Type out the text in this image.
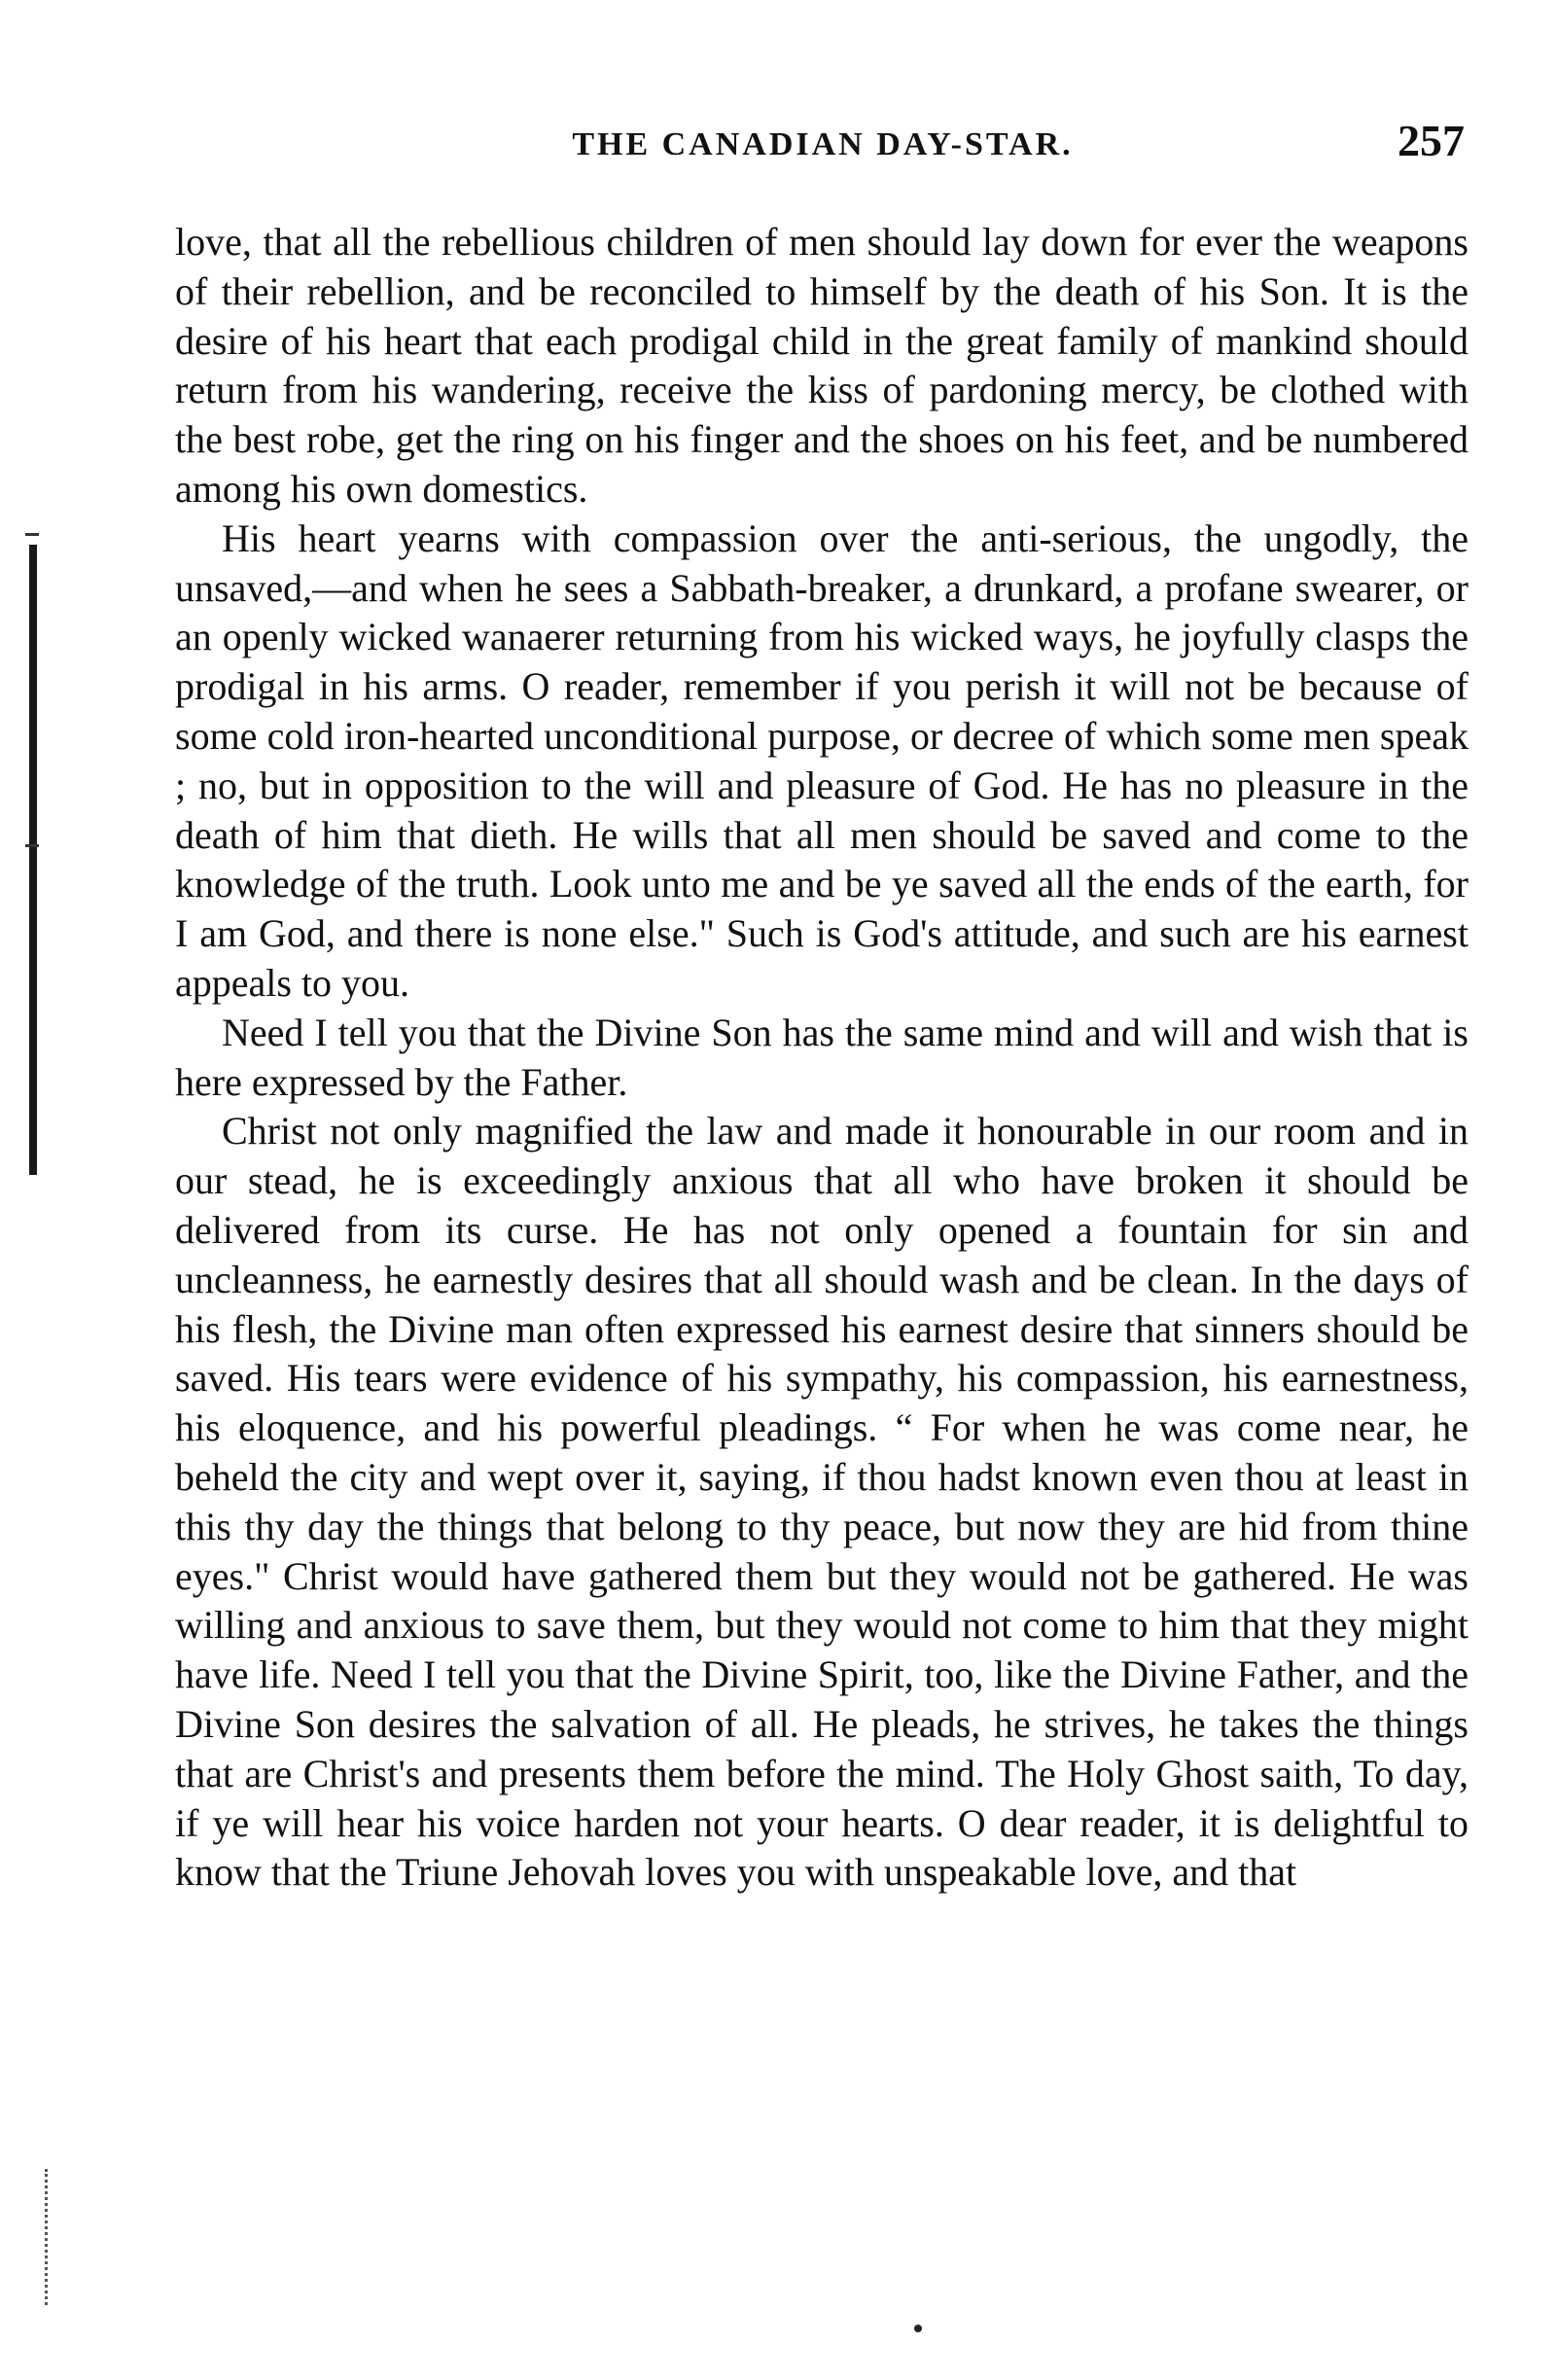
THE CANADIAN DAY-STAR.	257

love, that all the rebellious children of men should lay down for ever the weapons of their rebellion, and be reconciled to himself by the death of his Son. It is the desire of his heart that each prodigal child in the great family of mankind should return from his wandering, receive the kiss of pardoning mercy, be clothed with the best robe, get the ring on his finger and the shoes on his feet, and be numbered among his own domestics.

His heart yearns with compassion over the anti-serious, the ungodly, the unsaved,—and when he sees a Sabbath-breaker, a drunkard, a profane swearer, or an openly wicked wanaerer returning from his wicked ways, he joyfully clasps the prodigal in his arms. O reader, remember if you perish it will not be because of some cold iron-hearted unconditional purpose, or decree of which some men speak ; no, but in opposition to the will and pleasure of God. He has no pleasure in the death of him that dieth. He wills that all men should be saved and come to the knowledge of the truth. Look unto me and be ye saved all the ends of the earth, for I am God, and there is none else." Such is God's attitude, and such are his earnest appeals to you.

Need I tell you that the Divine Son has the same mind and will and wish that is here expressed by the Father.

Christ not only magnified the law and made it honourable in our room and in our stead, he is exceedingly anxious that all who have broken it should be delivered from its curse. He has not only opened a fountain for sin and uncleanness, he earnestly desires that all should wash and be clean. In the days of his flesh, the Divine man often expressed his earnest desire that sinners should be saved. His tears were evidence of his sympathy, his compassion, his earnestness, his eloquence, and his powerful pleadings. “ For when he was come near, he beheld the city and wept over it, saying, if thou hadst known even thou at least in this thy day the things that belong to thy peace, but now they are hid from thine eyes." Christ would have gathered them but they would not be gathered. He was willing and anxious to save them, but they would not come to him that they might have life. Need I tell you that the Divine Spirit, too, like the Divine Father, and the Divine Son desires the salvation of all. He pleads, he strives, he takes the things that are Christ's and presents them before the mind. The Holy Ghost saith, To day, if ye will hear his voice harden not your hearts. O dear reader, it is delightful to know that the Triune Jehovah loves you with unspeakable love, and that
